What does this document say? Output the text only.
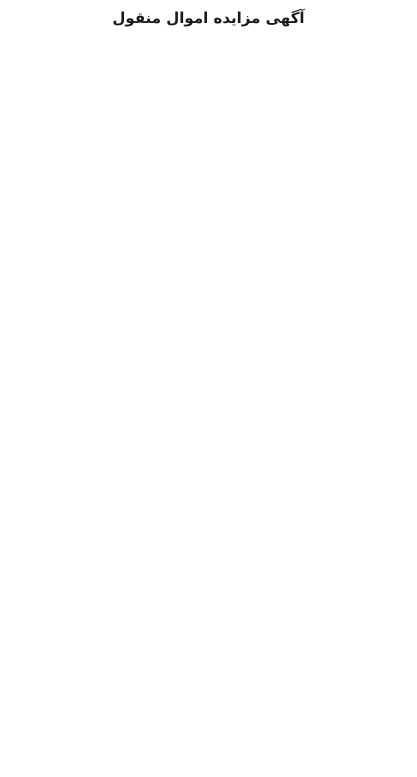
آگهی مزایده اموال منقول
